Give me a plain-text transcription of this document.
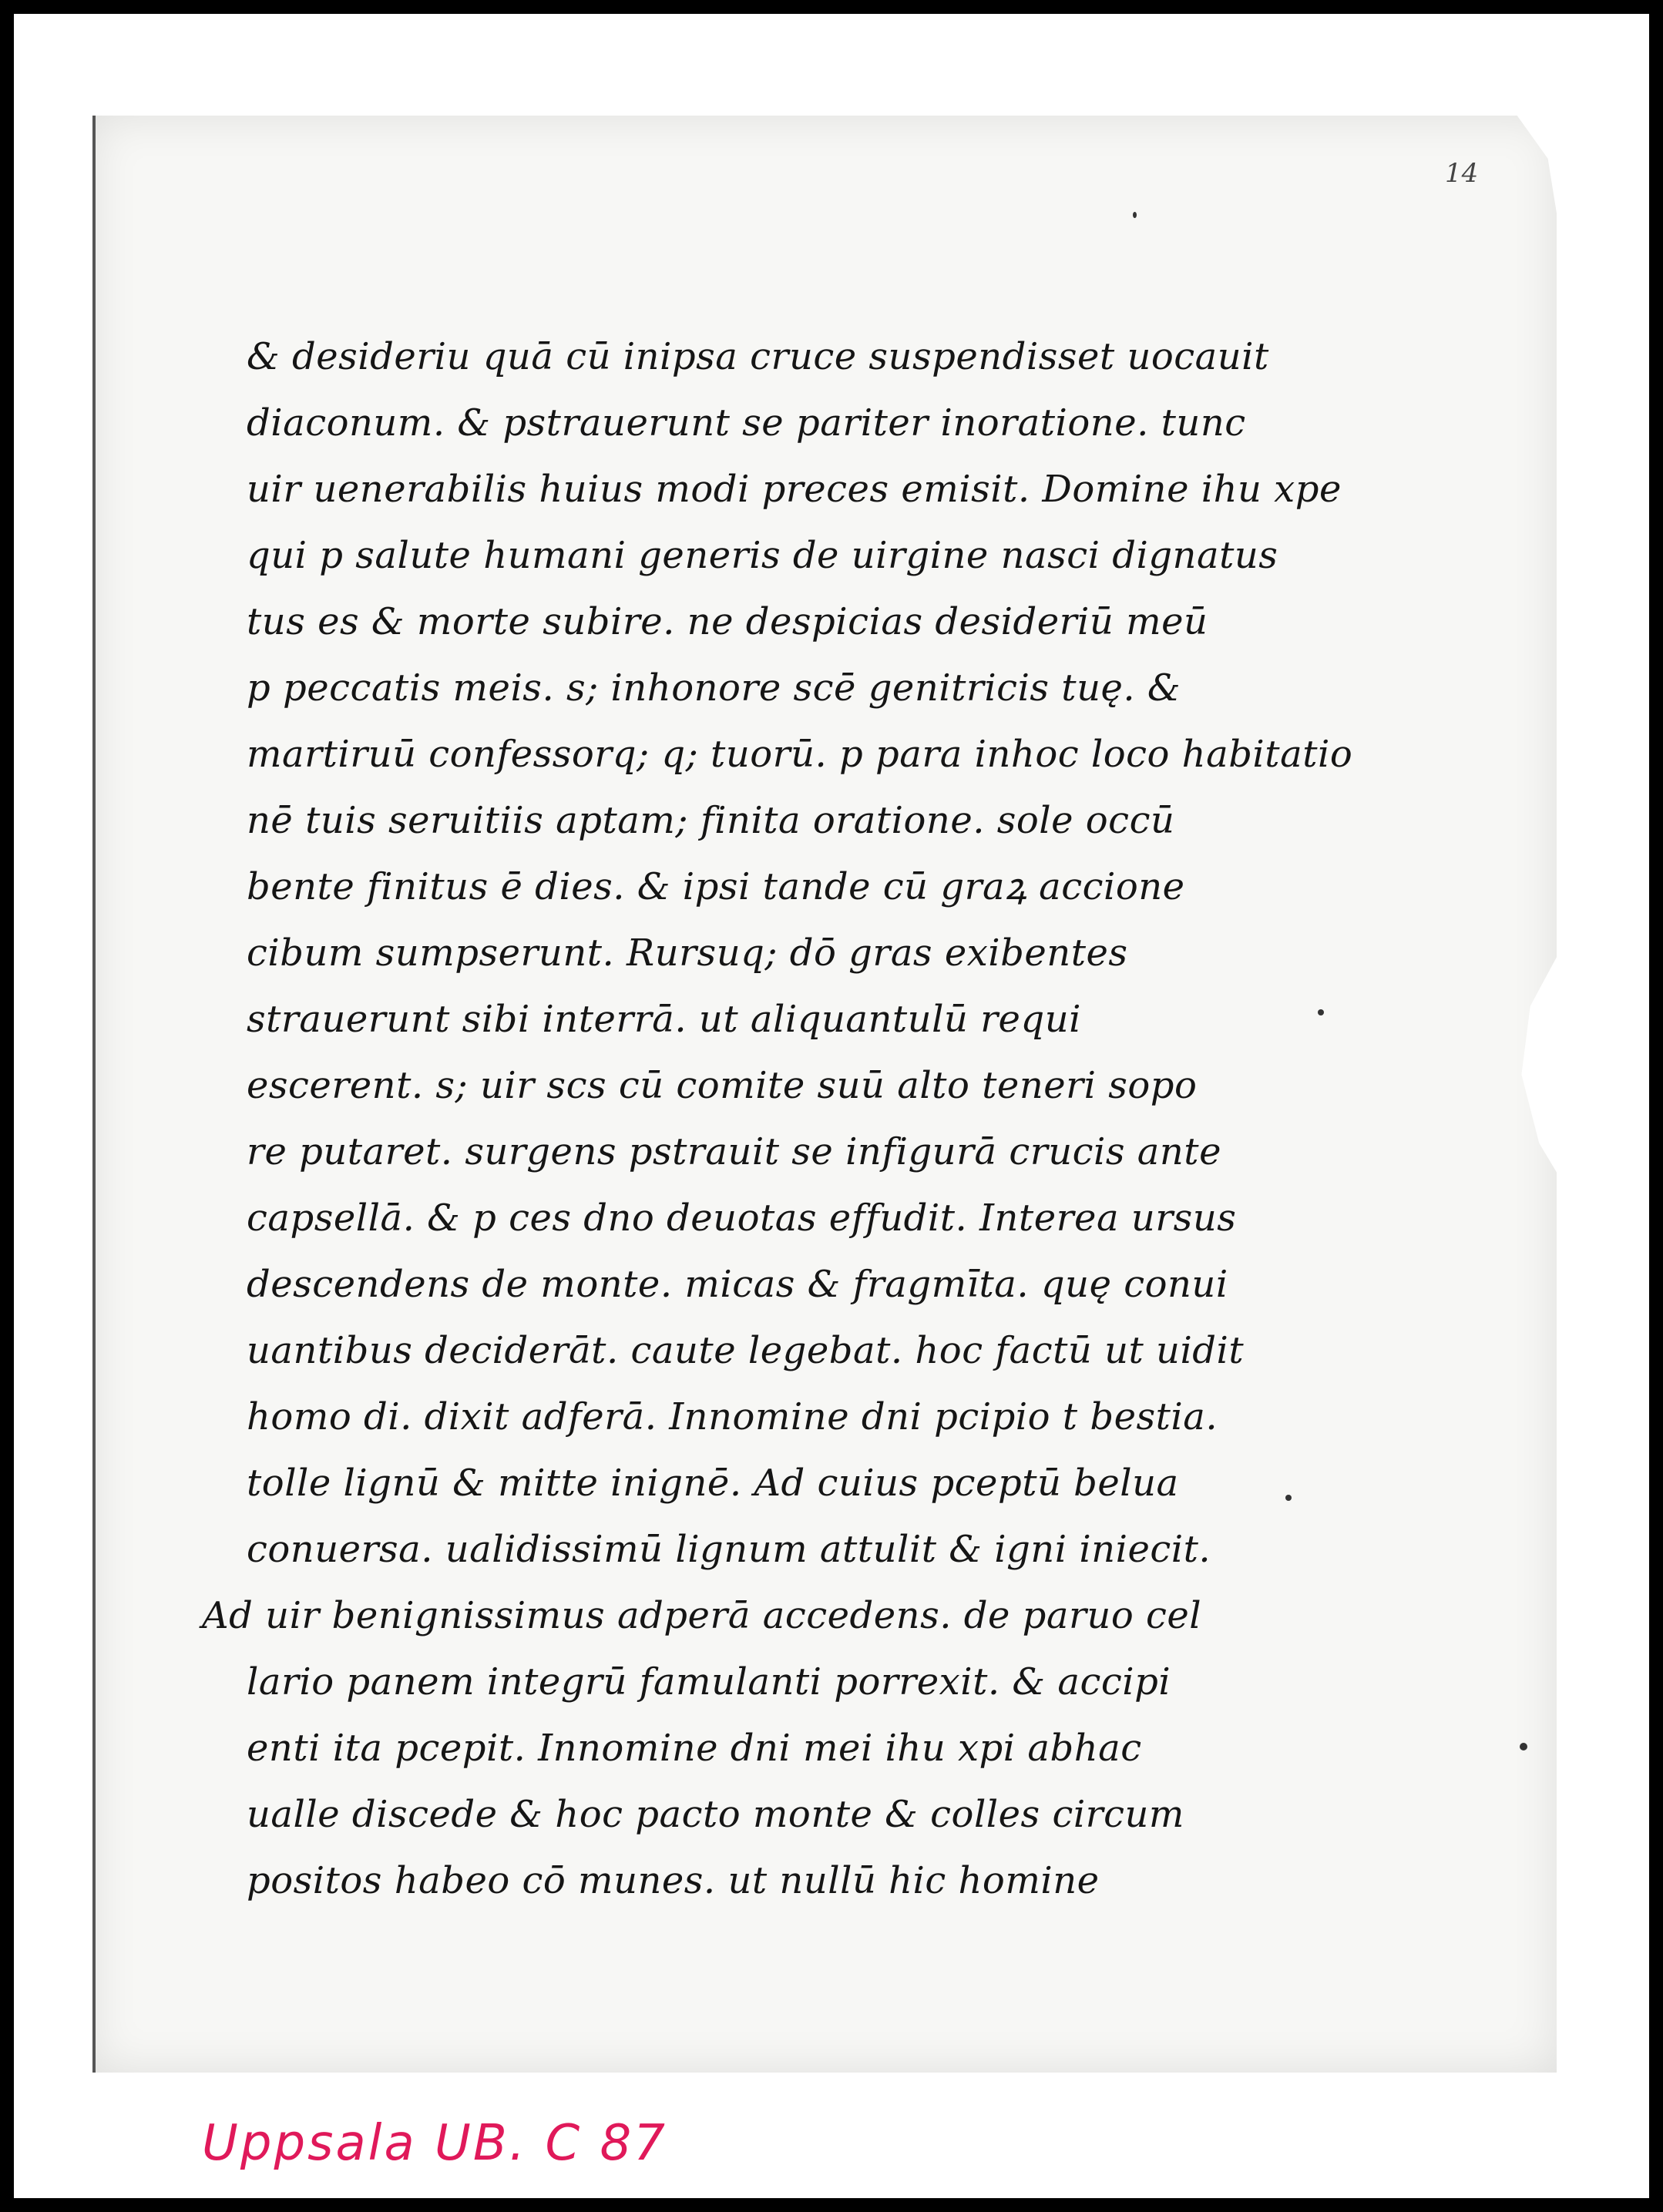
14
& desideriu quā cū inipsa cruce suspendisset uocauit
diaconum. & pstrauerunt se pariter inoratione. tunc
uir uenerabilis huius modi preces emisit. Domine ihu xpe
qui p salute humani generis de uirgine nasci dignatus
tus es & morte subire. ne despicias desideriū meū
p peccatis meis. s; inhonore scē genitricis tuę. &
martiruū confessorq; q; tuorū. p para inhoc loco habitatio
nē tuis seruitiis aptam; finita oratione. sole occū
bente finitus ē dies. & ipsi tande cū graꝝ accione
cibum sumpserunt. Rursuq; dō gras exibentes
strauerunt sibi interrā. ut aliquantulū requi
escerent. s; uir scs cū comite suū alto teneri sopo
re putaret. surgens pstrauit se infigurā crucis ante
capsellā. & p ces dno deuotas effudit. Interea ursus
descendens de monte. micas & fragmīta. quę conui
uantibus deciderāt. caute legebat. hoc factū ut uidit
homo di. dixit adferā. Innomine dni pcipio t bestia.
tolle lignū & mitte inignē. Ad cuius pceptū belua
conuersa. ualidissimū lignum attulit & igni iniecit.
Ad uir benignissimus adperā accedens. de paruo cel
lario panem integrū famulanti porrexit. & accipi
enti ita pcepit. Innomine dni mei ihu xpi abhac
ualle discede & hoc pacto monte & colles circum
positos habeo cō munes. ut nullū hic homine
Uppsala UB. C 87
